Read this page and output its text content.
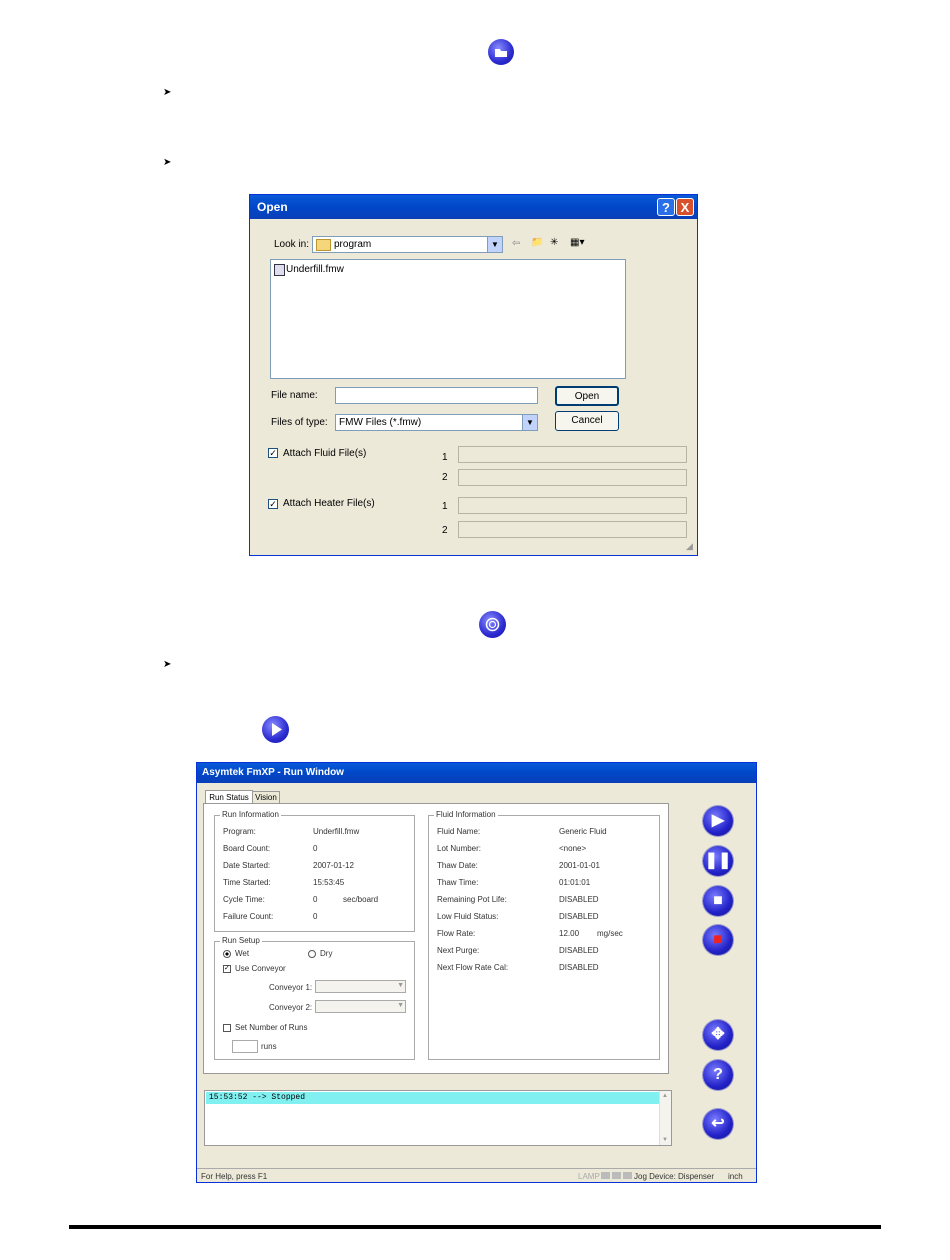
➤
➤
Open	? X
Look in: program	▼	⇦ 📁 ✳ ▦▾
Underfill.fmw
File name:	Open
Files of type: FMW Files (*.fmw)	▼	Cancel
✓ Attach Fluid File(s)	1
2
✓ Attach Heater File(s)	1
2
◢
➤
Asymtek FmXP - Run Window
Run Status Vision
Run Information
Program:	Underfill.fmw
Board Count:	0
Date Started:	2007-01-12
Time Started:	15:53:45
Cycle Time:	0	sec/board
Failure Count:	0
Run Setup
Wet	Dry
✓ Use Conveyor
Conveyor 1:	▼
Conveyor 2:	▼
Set Number of Runs
runs
Fluid Information
Fluid Name:	Generic Fluid
Lot Number:	<none>
Thaw Date:	2001-01-01
Thaw Time:	01:01:01
Remaining Pot Life:	DISABLED
Low Fluid Status:	DISABLED
Flow Rate:	12.00 mg/sec
Next Purge:	DISABLED
Next Flow Rate Cal:	DISABLED
▶
❚❚
■
■
✥
?
↩
15:53:52 --> Stopped	▲
▼
For Help, press F1	LAMP	Jog Device: Dispenser inch
